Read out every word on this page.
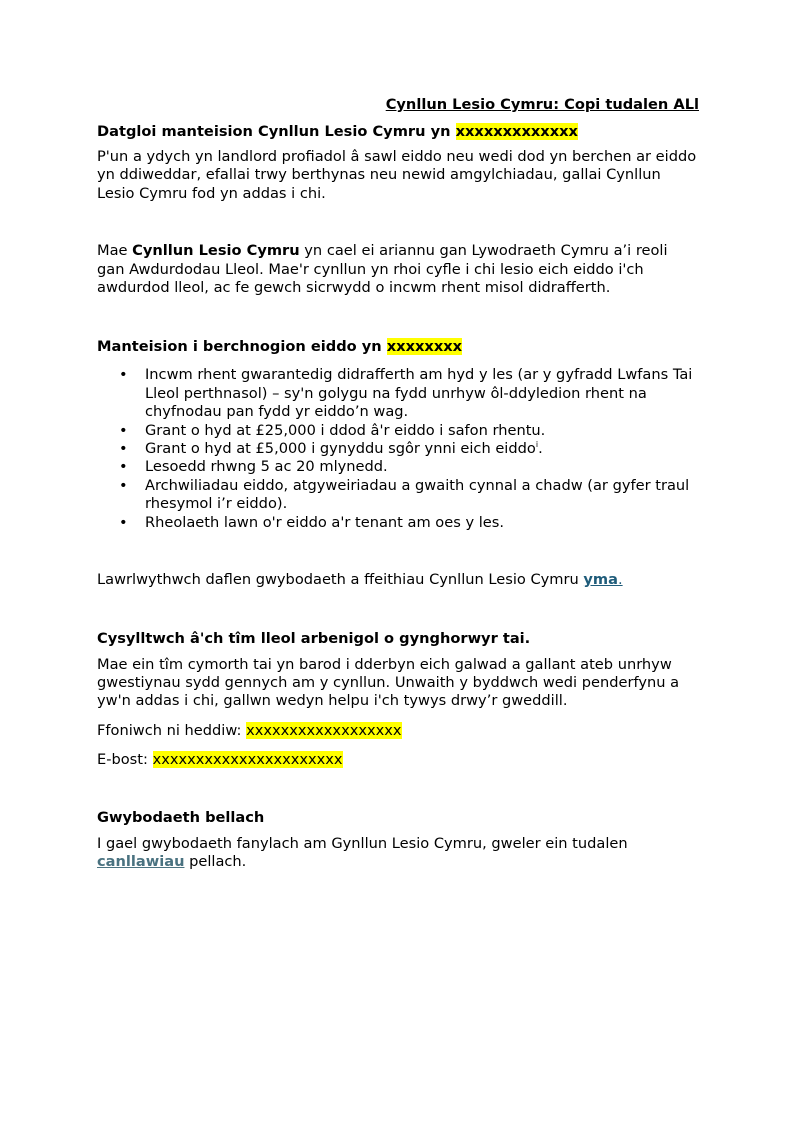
Cynllun Lesio Cymru: Copi tudalen ALl

Datgloi manteision Cynllun Lesio Cymru yn xxxxxxxxxxxxx

P'un a ydych yn landlord profiadol â sawl eiddo neu wedi dod yn berchen ar eiddo yn ddiweddar, efallai trwy berthynas neu newid amgylchiadau, gallai Cynllun Lesio Cymru fod yn addas i chi.

Mae Cynllun Lesio Cymru yn cael ei ariannu gan Lywodraeth Cymru a’i reoli gan Awdurdodau Lleol. Mae'r cynllun yn rhoi cyfle i chi lesio eich eiddo i'ch awdurdod lleol, ac fe gewch sicrwydd o incwm rhent misol didrafferth.

Manteision i berchnogion eiddo yn xxxxxxxx

• Incwm rhent gwarantedig didrafferth am hyd y les (ar y gyfradd Lwfans Tai Lleol perthnasol) – sy'n golygu na fydd unrhyw ôl-ddyledion rhent na chyfnodau pan fydd yr eiddo’n wag.
• Grant o hyd at £25,000 i ddod â'r eiddo i safon rhentu.
• Grant o hyd at £5,000 i gynyddu sgôr ynni eich eiddo$^i$.
• Lesoedd rhwng 5 ac 20 mlynedd.
• Archwiliadau eiddo, atgyweiriadau a gwaith cynnal a chadw (ar gyfer traul rhesymol i’r eiddo).
• Rheolaeth lawn o'r eiddo a'r tenant am oes y les.

Lawrlwythwch daflen gwybodaeth a ffeithiau Cynllun Lesio Cymru yma.

Cysylltwch â'ch tîm lleol arbenigol o gynghorwyr tai.

Mae ein tîm cymorth tai yn barod i dderbyn eich galwad a gallant ateb unrhyw gwestiynau sydd gennych am y cynllun. Unwaith y byddwch wedi penderfynu a yw'n addas i chi, gallwn wedyn helpu i'ch tywys drwy’r gweddill.

Ffoniwch ni heddiw: xxxxxxxxxxxxxxxxxx

E-bost: xxxxxxxxxxxxxxxxxxxxxx

Gwybodaeth bellach

I gael gwybodaeth fanylach am Gynllun Lesio Cymru, gweler ein tudalen
canllawiau pellach.
